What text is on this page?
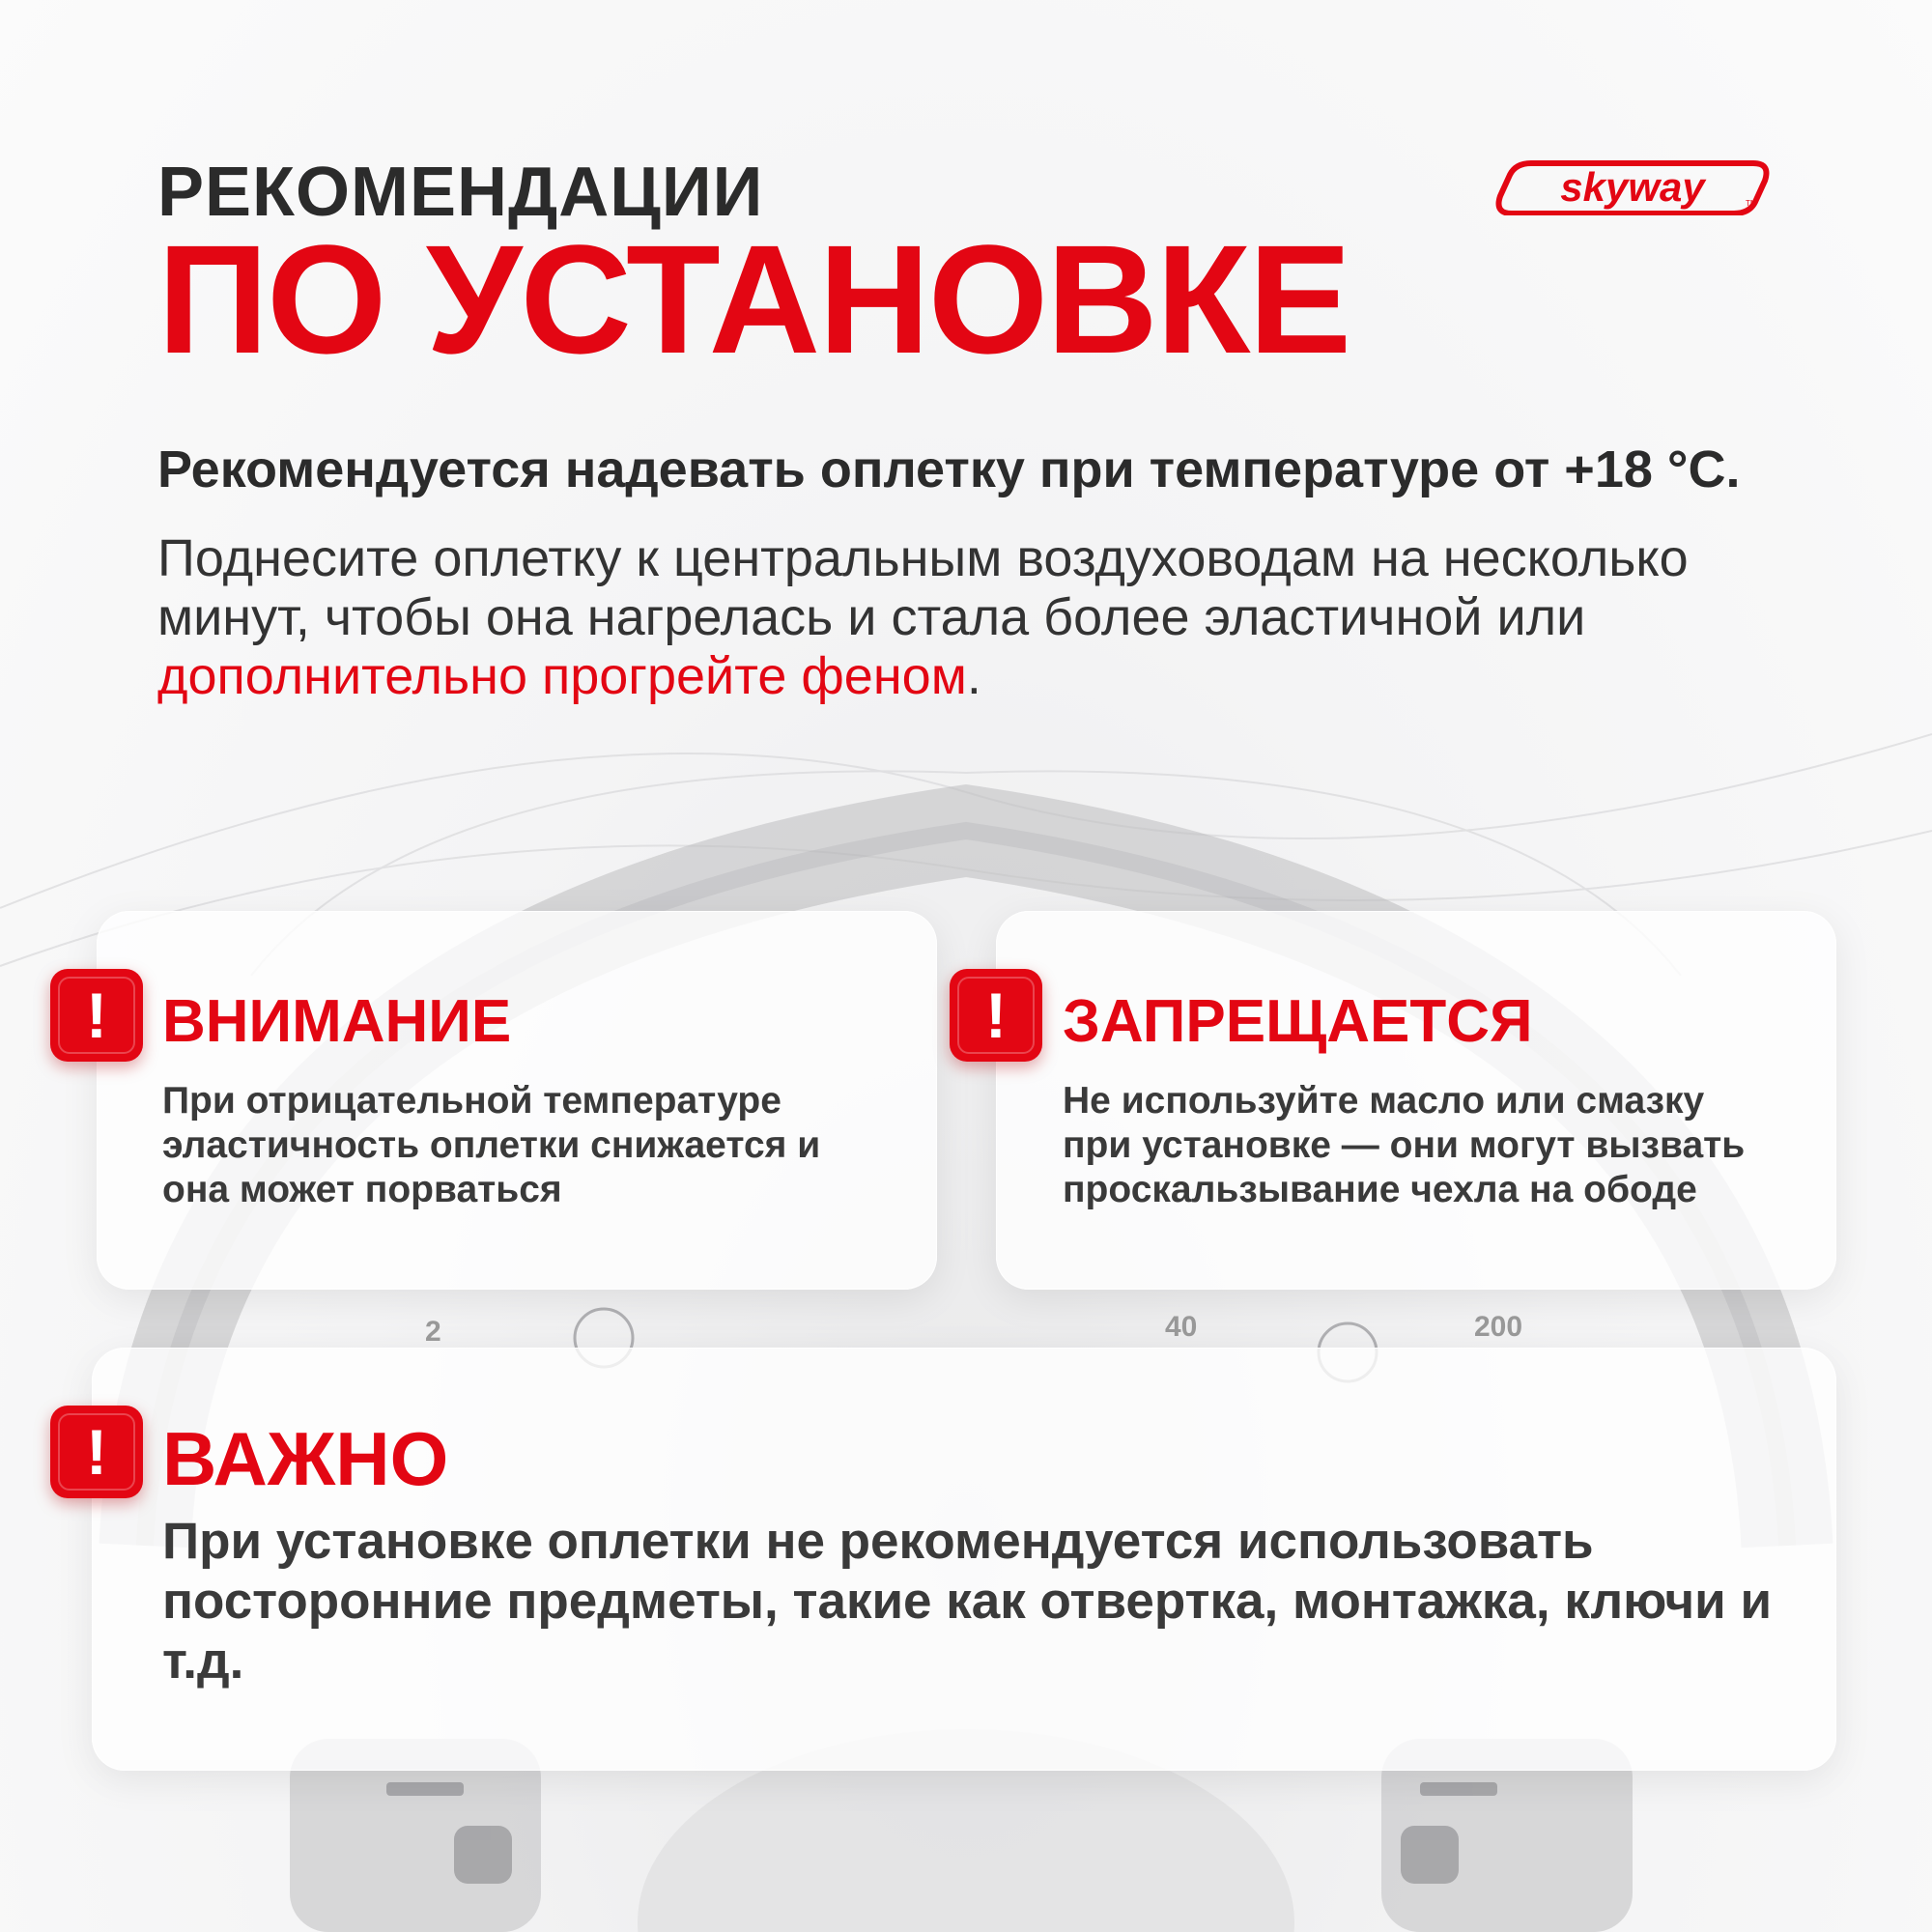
2	40	200
РЕКОМЕНДАЦИИ
ПО УСТАНОВКЕ
skyway	TM
Рекомендуется надевать оплетку при температуре от +18 °C.
Поднесите оплетку к центральным воздуховодам на несколько минут, чтобы она нагрелась и стала более эластичной или дополнительно прогрейте феном.
! ВНИМАНИЕ
При отрицательной температуре эластичность оплетки снижается и она может порваться
! ЗАПРЕЩАЕТСЯ
Не используйте масло или смазку при установке — они могут вызвать проскальзывание чехла на ободе
! ВАЖНО
При установке оплетки не рекомендуется использовать посторонние предметы, такие как отвертка, монтажка, ключи и т.д.
